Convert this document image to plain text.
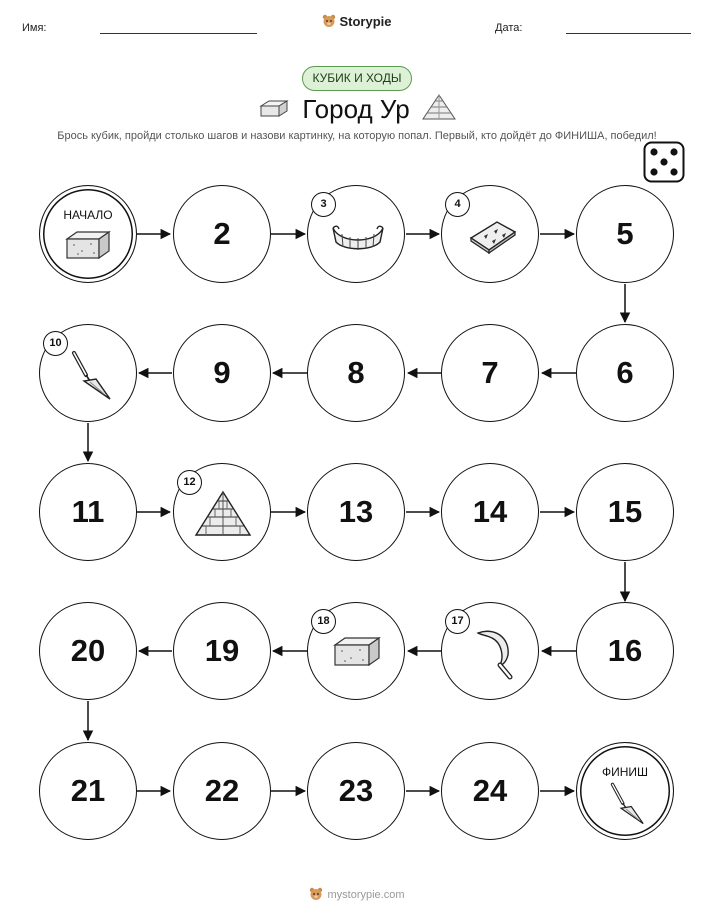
Имя:	Storypie	Дата:
КУБИК И ХОДЫ
Город Ур
Брось кубик, пройди столько шагов и назови картинку, на которую попал. Первый, кто дойдёт до ФИНИША, победил!
НАЧАЛО
2
3	4
5
10
9	8	7	6
11
12
13	14	15
20	19
18	17
16
21	22	23	24
ФИНИШ
mystorypie.com
